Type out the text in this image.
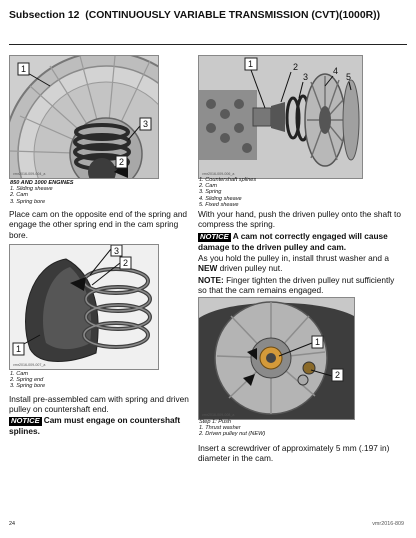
Subsection 12 (CONTINUOUSLY VARIABLE TRANSMISSION (CVT)(1000R))
1
3
2
vmr2016-009-004_a
850 AND 1000 ENGINES
1. Sliding sheave
2. Cam
3. Spring bore
Place cam on the opposite end of the spring and engage the other spring end in the cam spring bore.
3
2
1
vmr2016-009-007_a
1. Cam
2. Spring end
3. Spring bore
Install pre-assembled cam with spring and driven pulley on countershaft end.
NOTICE Cam must engage on countershaft splines.
1	2
3
4
5
vmr2016-009-006_a
1. Countershaft splines
2. Cam
3. Spring
4. Sliding sheave
5. Fixed sheave
With your hand, push the driven pulley onto the shaft to compress the spring.
NOTICE A cam not correctly engaged will cause damage to the driven pulley and cam.
As you hold the pulley in, install thrust washer and a NEW driven pulley nut.
NOTE: Finger tighten the driven pulley nut sufficiently so that the cam remains engaged.
1
2
vmr2016-009-008_a
Step 1: Push
1. Thrust washer
2. Driven pulley nut (NEW)
Insert a screwdriver of approximately 5 mm (.197 in) diameter in the cam.
24	vmr2016-809
